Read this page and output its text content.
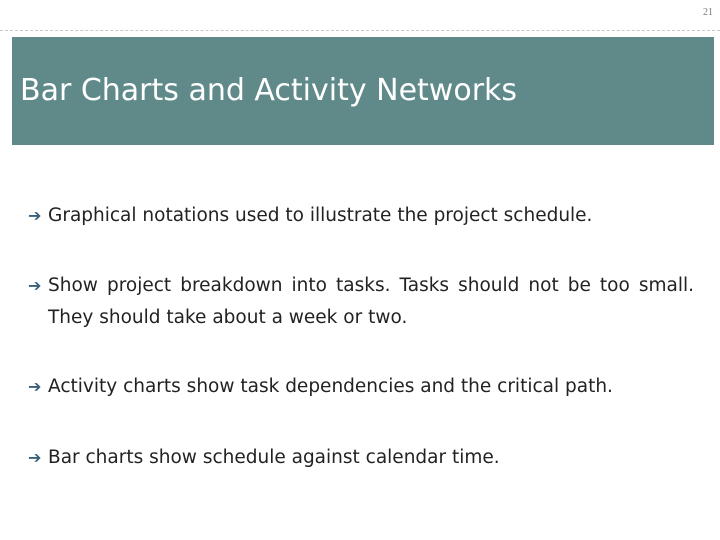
21
Bar Charts and Activity Networks
➔ Graphical notations used to illustrate the project schedule.
➔ Show project breakdown into tasks. Tasks should not be too small. They should take about a week or two.
➔ Activity charts show task dependencies and the critical path.
➔ Bar charts show schedule against calendar time.
